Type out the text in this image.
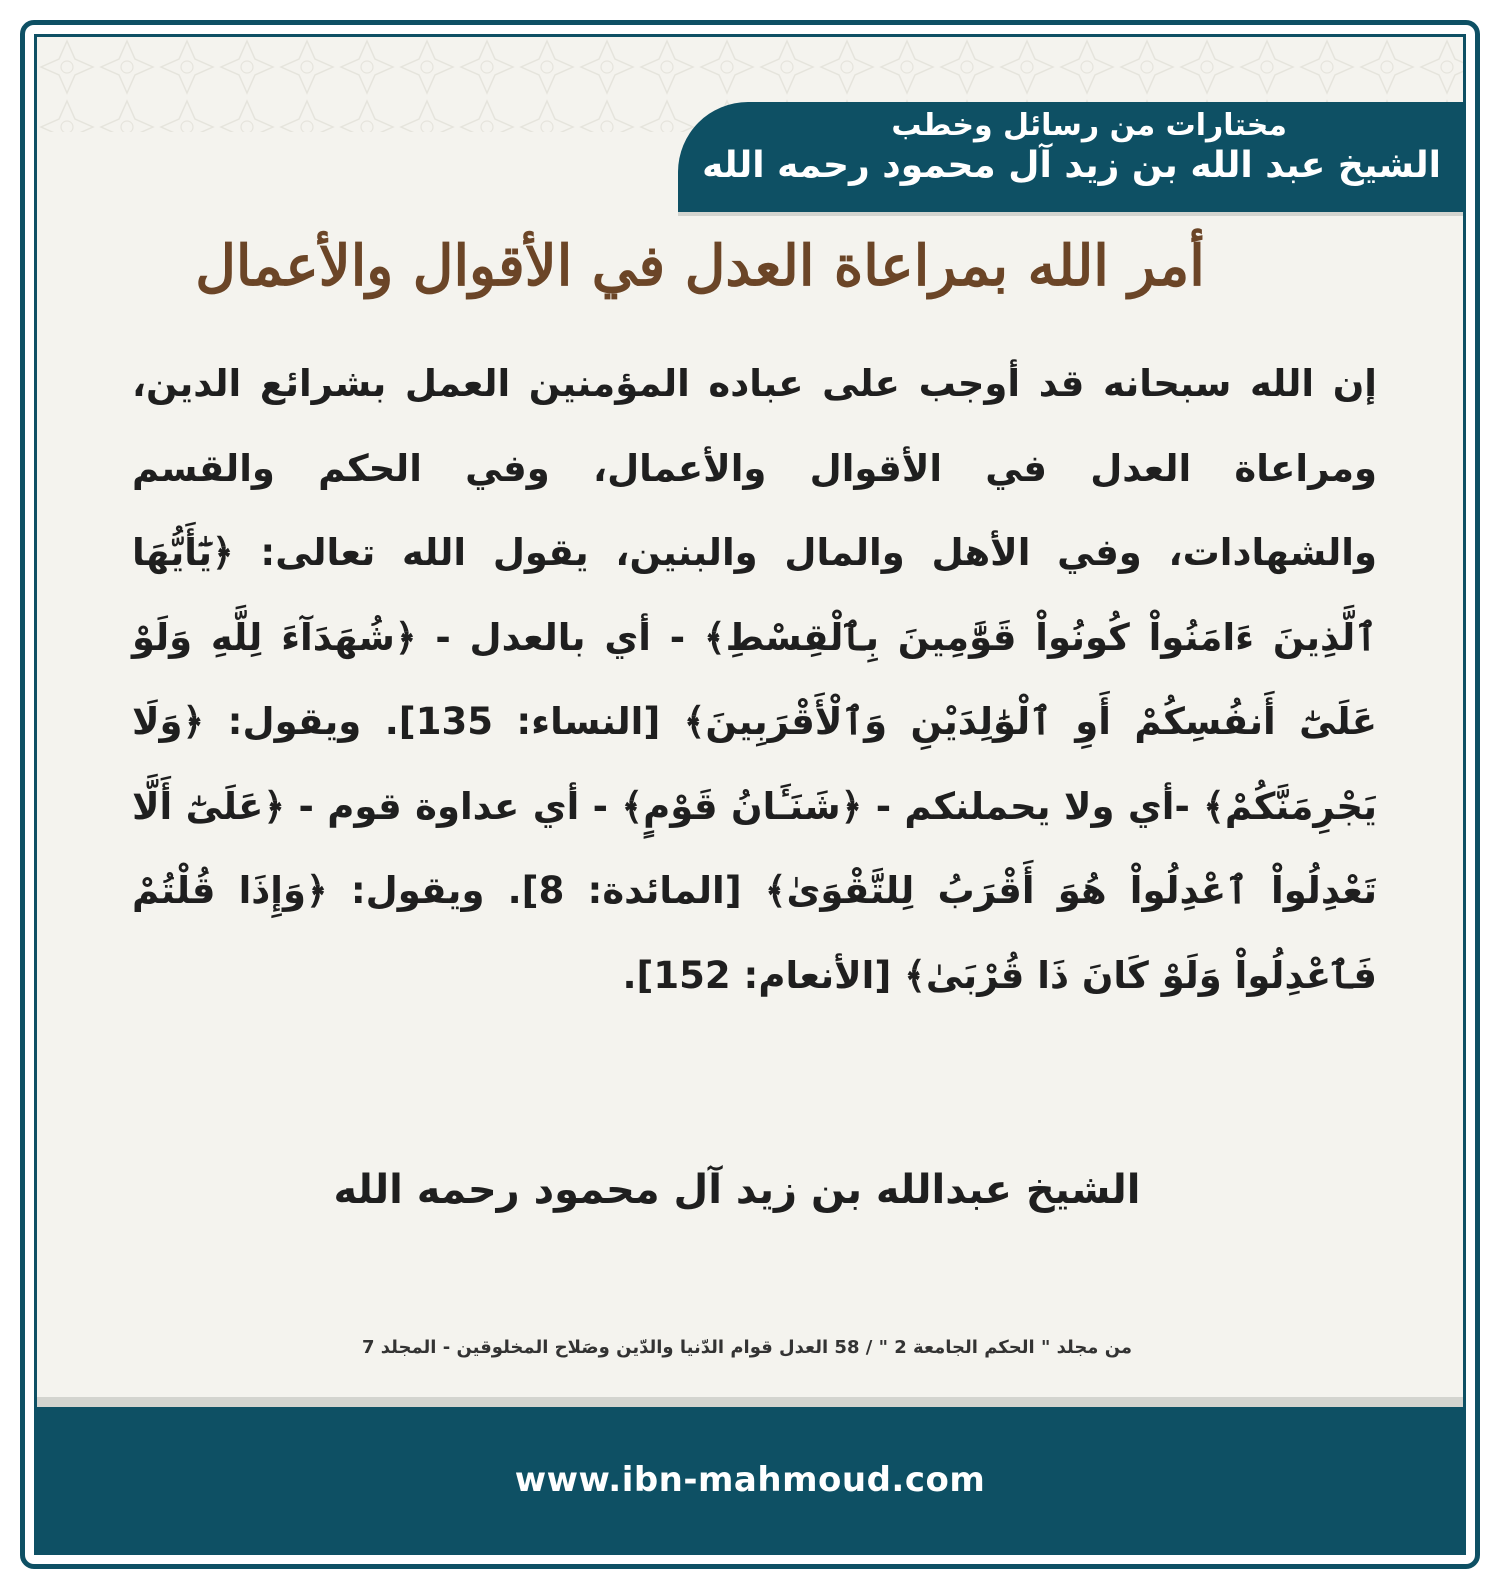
مختارات من رسائل وخطب
الشيخ عبد الله بن زيد آل محمود رحمه الله
أمر الله بمراعاة العدل في الأقوال والأعمال
إن الله سبحانه قد أوجب على عباده المؤمنين العمل بشرائع الدين، ومراعاة العدل في الأقوال والأعمال، وفي الحكم والقسم والشهادات، وفي الأهل والمال والبنين، يقول الله تعالى: ﴿يَٰٓأَيُّهَا ٱلَّذِينَ ءَامَنُواْ كُونُواْ قَوَّٰمِينَ بِٱلْقِسْطِ﴾ - أي بالعدل - ﴿شُهَدَآءَ لِلَّهِ وَلَوْ عَلَىٰٓ أَنفُسِكُمْ أَوِ ٱلْوَٰلِدَيْنِ وَٱلْأَقْرَبِينَ﴾ [النساء: 135]. ويقول: ﴿وَلَا يَجْرِمَنَّكُمْ﴾ -أي ولا يحملنكم - ﴿شَنَـَٔانُ قَوْمٍ﴾ - أي عداوة قوم - ﴿عَلَىٰٓ أَلَّا تَعْدِلُواْ ٱعْدِلُواْ هُوَ أَقْرَبُ لِلتَّقْوَىٰ﴾ [المائدة: 8]. ويقول: ﴿وَإِذَا قُلْتُمْ فَٱعْدِلُواْ وَلَوْ كَانَ ذَا قُرْبَىٰ﴾ [الأنعام: 152].
الشيخ عبدالله بن زيد آل محمود رحمه الله
من مجلد " الحكم الجامعة 2 " / 58 العدل قوام الدّنيا والدّين وصَلاح المخلوقين - المجلد 7
www.ibn-mahmoud.com
